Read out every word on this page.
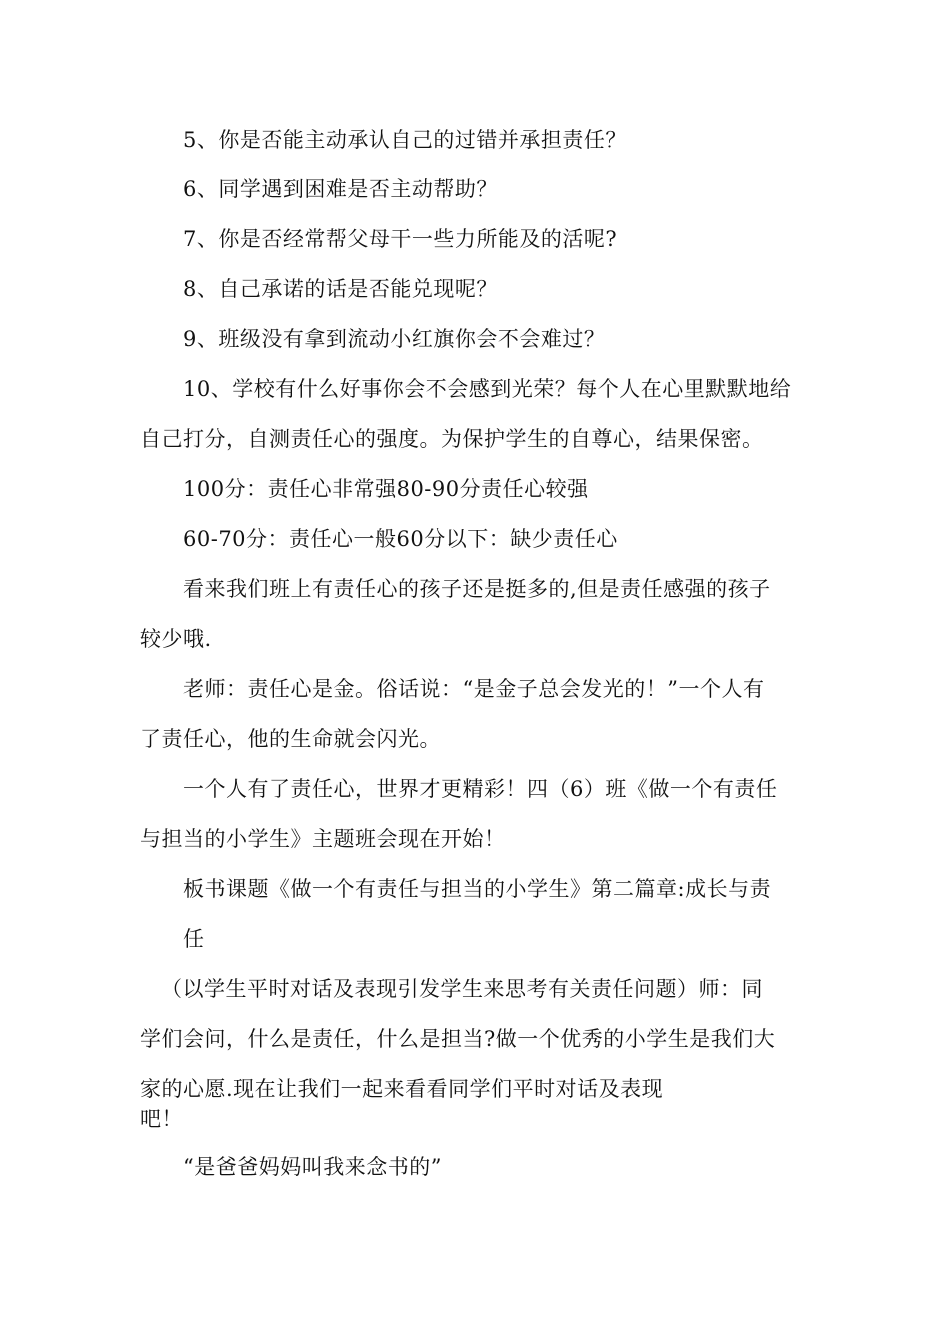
5、你是否能主动承认自己的过错并承担责任？
6、同学遇到困难是否主动帮助？
7、你是否经常帮父母干一些力所能及的活呢?
8、自己承诺的话是否能兑现呢？
9、班级没有拿到流动小红旗你会不会难过？
10、学校有什么好事你会不会感到光荣？每个人在心里默默地给
自己打分，自测责任心的强度。为保护学生的自尊心，结果保密。
100分：责任心非常强80-90分责任心较强
60-70分：责任心一般60分以下：缺少责任心
看来我们班上有责任心的孩子还是挺多的,但是责任感强的孩子
较少哦.
老师：责任心是金。俗话说：“是金子总会发光的！”一个人有
了责任心，他的生命就会闪光。
一个人有了责任心，世界才更精彩！四（6）班《做一个有责任
与担当的小学生》主题班会现在开始！
板书课题《做一个有责任与担当的小学生》第二篇章:成长与责
任
（以学生平时对话及表现引发学生来思考有关责任问题）师：同
学们会问，什么是责任，什么是担当?做一个优秀的小学生是我们大
家的心愿.现在让我们一起来看看同学们平时对话及表现
吧！
“是爸爸妈妈叫我来念书的”
